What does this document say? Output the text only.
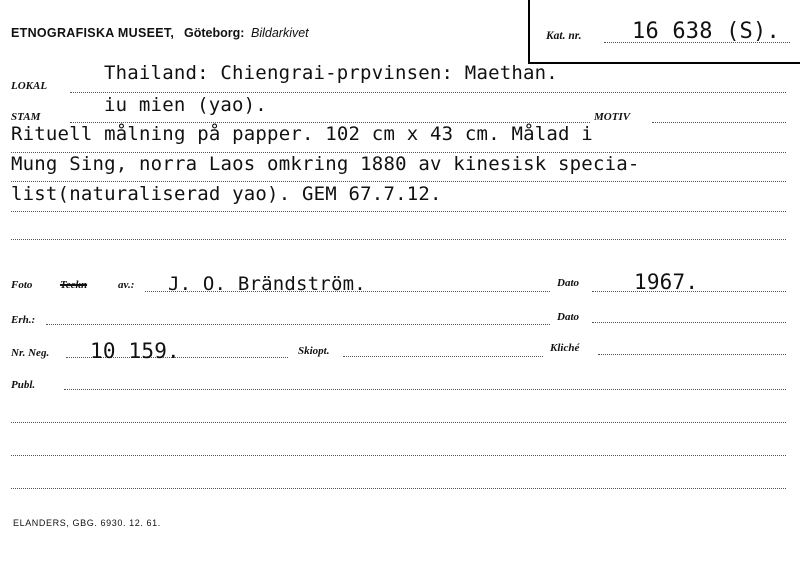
ETNOGRAFISKA MUSEET, Göteborg: Bildarkivet	Kat. nr. 16 638 (S).
LOKAL
Thailand: Chiengrai-prpvinsen: Maethan.
STAM
iu mien (yao).
MOTIV
Rituell målning på papper. 102 cm x 43 cm. Målad i
Mung Sing, norra Laos omkring 1880 av kinesisk specia-
list(naturaliserad yao). GEM 67.7.12.
Foto	Teckn	av.: J. O. Brändström.	Dato	1967.
Erh.:	Dato
Nr. Neg. 10 159.	Skiopt.	Kliché
Publ.
ELANDERS, GBG. 6930. 12. 61.
